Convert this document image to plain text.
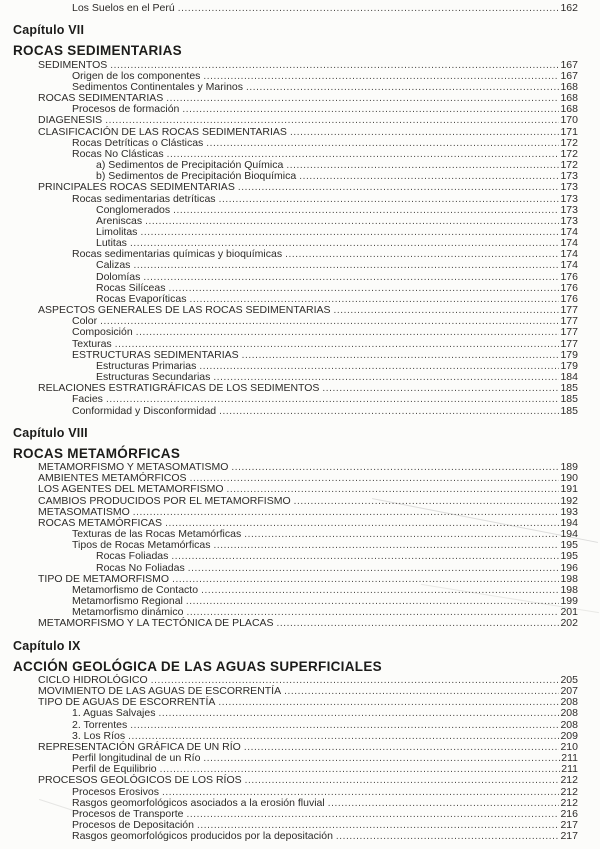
Los Suelos en el Perú .....	162
Capítulo VII
ROCAS SEDIMENTARIAS
SEDIMENTOS .....	167
Origen de los componentes .....	167
Sedimentos Continentales y Marinos .....	168
ROCAS SEDIMENTARIAS .....	168
Procesos de formación .....	168
DIAGENESIS .....	170
CLASIFICACIÓN DE LAS ROCAS SEDIMENTARIAS .....	171
Rocas Detríticas o Clásticas .....	172
Rocas No Clásticas .....	172
a) Sedimentos de Precipitación Química .....	172
b) Sedimentos de Precipitación Bioquímica .....	173
PRINCIPALES ROCAS SEDIMENTARIAS .....	173
Rocas sedimentarias detríticas .....	173
Conglomerados .....	173
Areniscas .....	173
Limolitas .....	174
Lutitas .....	174
Rocas sedimentarias químicas y bioquímicas .....	174
Calizas .....	174
Dolomías .....	176
Rocas Silíceas .....	176
Rocas Evaporíticas .....	176
ASPECTOS GENERALES DE LAS ROCAS SEDIMENTARIAS .....	177
Color .....	177
Composición .....	177
Texturas .....	177
ESTRUCTURAS SEDIMENTARIAS .....	179
Estructuras Primarias .....	179
Estructuras Secundarias .....	184
RELACIONES ESTRATIGRÁFICAS DE LOS SEDIMENTOS .....	185
Facies .....	185
Conformidad y Disconformidad .....	185
Capítulo VIII
ROCAS METAMÓRFICAS
METAMORFISMO Y METASOMATISMO .....	189
AMBIENTES METAMÓRFICOS .....	190
LOS AGENTES DEL METAMORFISMO .....	191
CAMBIOS PRODUCIDOS POR EL METAMORFISMO .....	192
METASOMATISMO .....	193
ROCAS METAMÓRFICAS .....	194
Texturas de las Rocas Metamórficas .....	194
Tipos de Rocas Metamórficas .....	195
Rocas Foliadas .....	195
Rocas No Foliadas .....	196
TIPO DE METAMORFISMO .....	198
Metamorfismo de Contacto .....	198
Metamorfismo Regional .....	199
Metamorfismo dinámico .....	201
METAMORFISMO Y LA TECTÓNICA DE PLACAS .....	202
Capítulo IX
ACCIÓN GEOLÓGICA DE LAS AGUAS SUPERFICIALES
CICLO HIDROLÓGICO .....	205
MOVIMIENTO DE LAS AGUAS DE ESCORRENTÍA .....	207
TIPO DE AGUAS DE ESCORRENTÍA .....	208
1. Aguas Salvajes .....	208
2. Torrentes .....	208
3. Los Ríos .....	209
REPRESENTACIÓN GRÁFICA DE UN RÍO .....	210
Perfil longitudinal de un Río .....	211
Perfil de Equilibrio .....	211
PROCESOS GEOLÓGICOS DE LOS RÍOS .....	212
Procesos Erosivos .....	212
Rasgos geomorfológicos asociados a la erosión fluvial .....	212
Procesos de Transporte .....	216
Procesos de Depositación .....	217
Rasgos geomorfológicos producidos por la depositación .....	217
